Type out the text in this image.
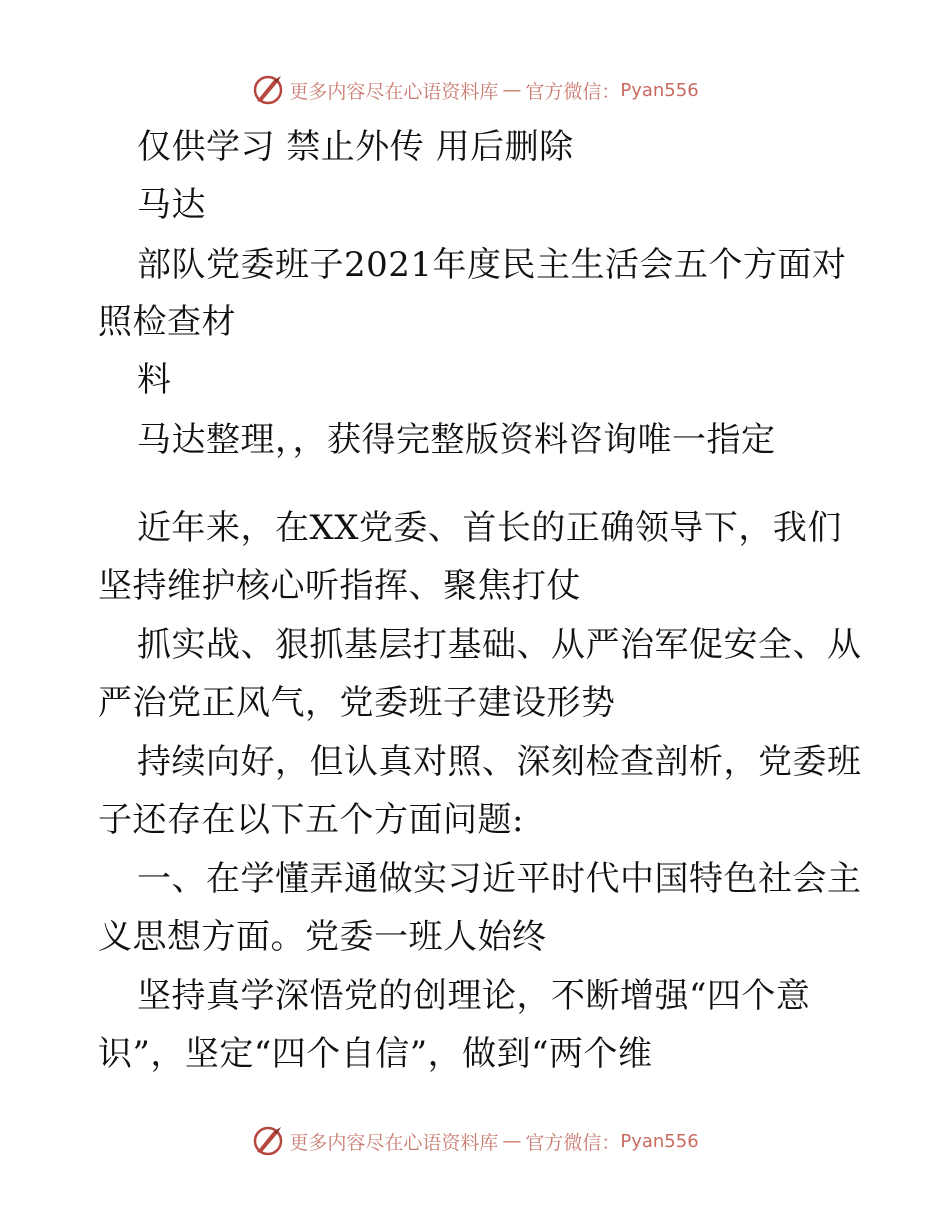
更多内容尽在心语资料库 — 官方微信： Pyan556
仅供学习 禁止外传 用后删除
马达
部队党委班子2021年度民主生活会五个方面对
照检查材
料
马达整理，，获得完整版资料咨询唯一指定
近年来，在XX党委、首长的正确领导下，我们
坚持维护核心听指挥、聚焦打仗
抓实战、狠抓基层打基础、从严治军促安全、从
严治党正风气，党委班子建设形势
持续向好，但认真对照、深刻检查剖析，党委班
子还存在以下五个方面问题:
一、在学懂弄通做实习近平时代中国特色社会主
义思想方面。党委一班人始终
坚持真学深悟党的创理论，不断增强“四个意
识”，坚定“四个自信”，做到“两个维
更多内容尽在心语资料库 — 官方微信： Pyan556
